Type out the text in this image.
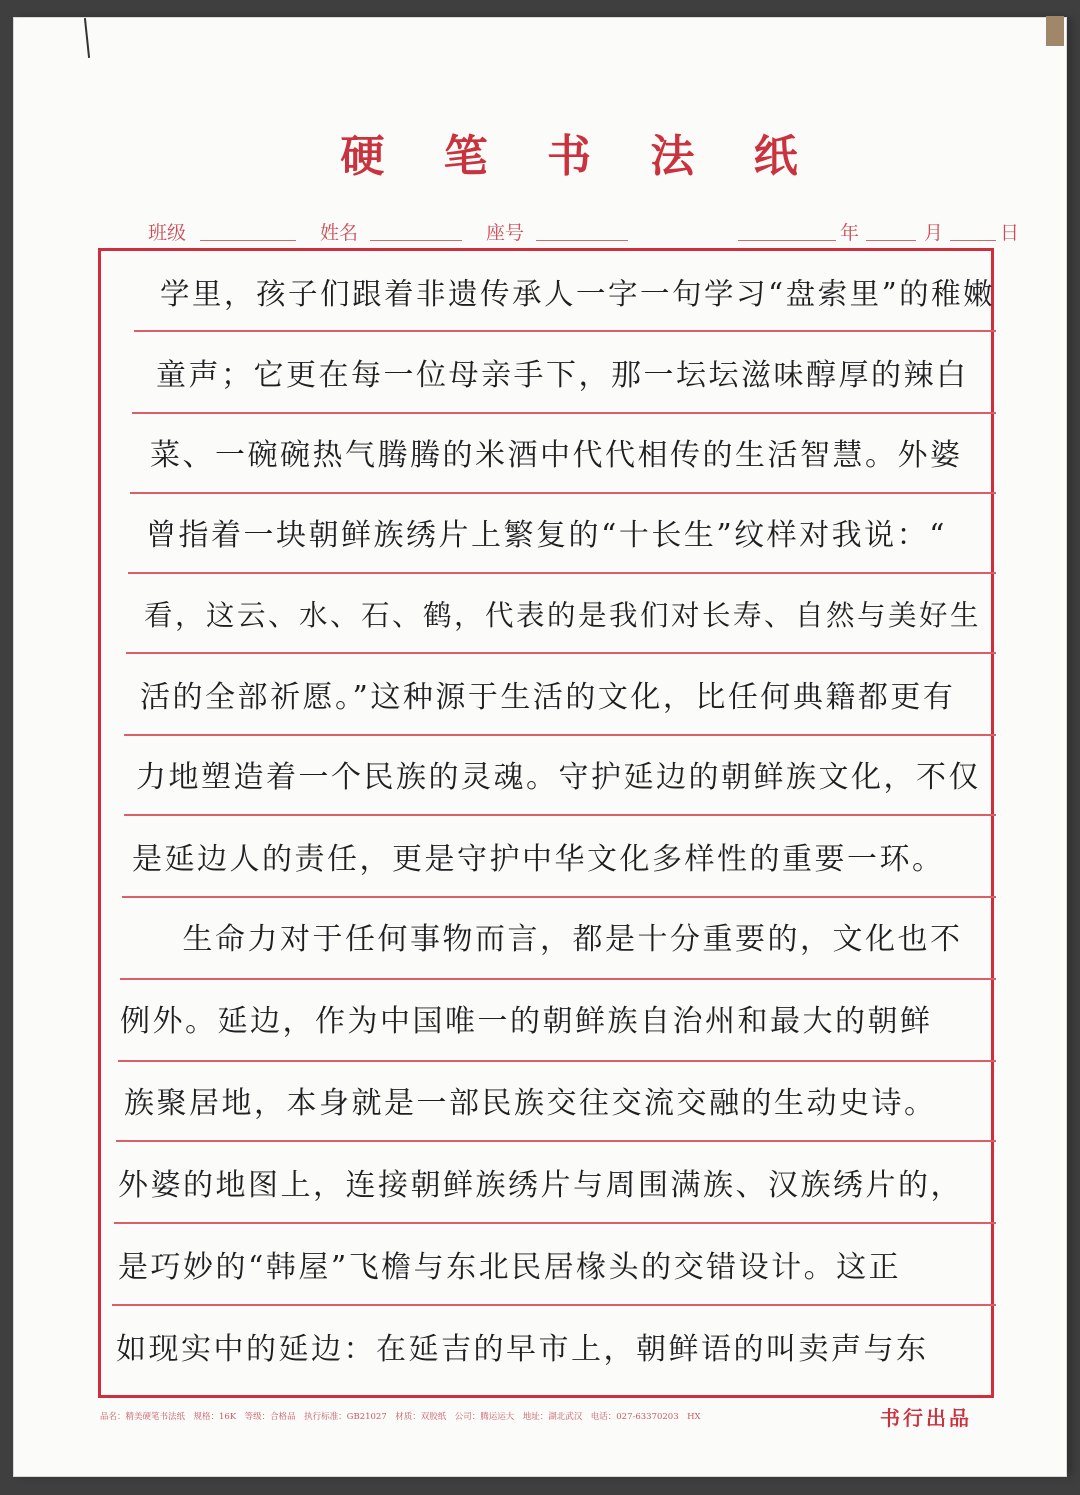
硬 笔 书 法 纸
班级	姓名	座号	年	月	日
学里，孩子们跟着非遗传承人一字一句学习“盘索里”的稚嫩
童声；它更在每一位母亲手下，那一坛坛滋味醇厚的辣白
菜、一碗碗热气腾腾的米酒中代代相传的生活智慧。外婆
曾指着一块朝鲜族绣片上繁复的“十长生”纹样对我说：“
看，这云、水、石、鹤，代表的是我们对长寿、自然与美好生
活的全部祈愿。”这种源于生活的文化，比任何典籍都更有
力地塑造着一个民族的灵魂。守护延边的朝鲜族文化，不仅
是延边人的责任，更是守护中华文化多样性的重要一环。
　生命力对于任何事物而言，都是十分重要的，文化也不
例外。延边，作为中国唯一的朝鲜族自治州和最大的朝鲜
族聚居地，本身就是一部民族交往交流交融的生动史诗。
外婆的地图上，连接朝鲜族绣片与周围满族、汉族绣片的，
是巧妙的“韩屋”飞檐与东北民居椽头的交错设计。这正
如现实中的延边：在延吉的早市上，朝鲜语的叫卖声与东
品名：精美硬笔书法纸　规格：16K　等级：合格品　执行标准：GB21027　材质：双胶纸　公司：腾运运大　地址：湖北武汉　电话：027-63370203　HX	书行出品
